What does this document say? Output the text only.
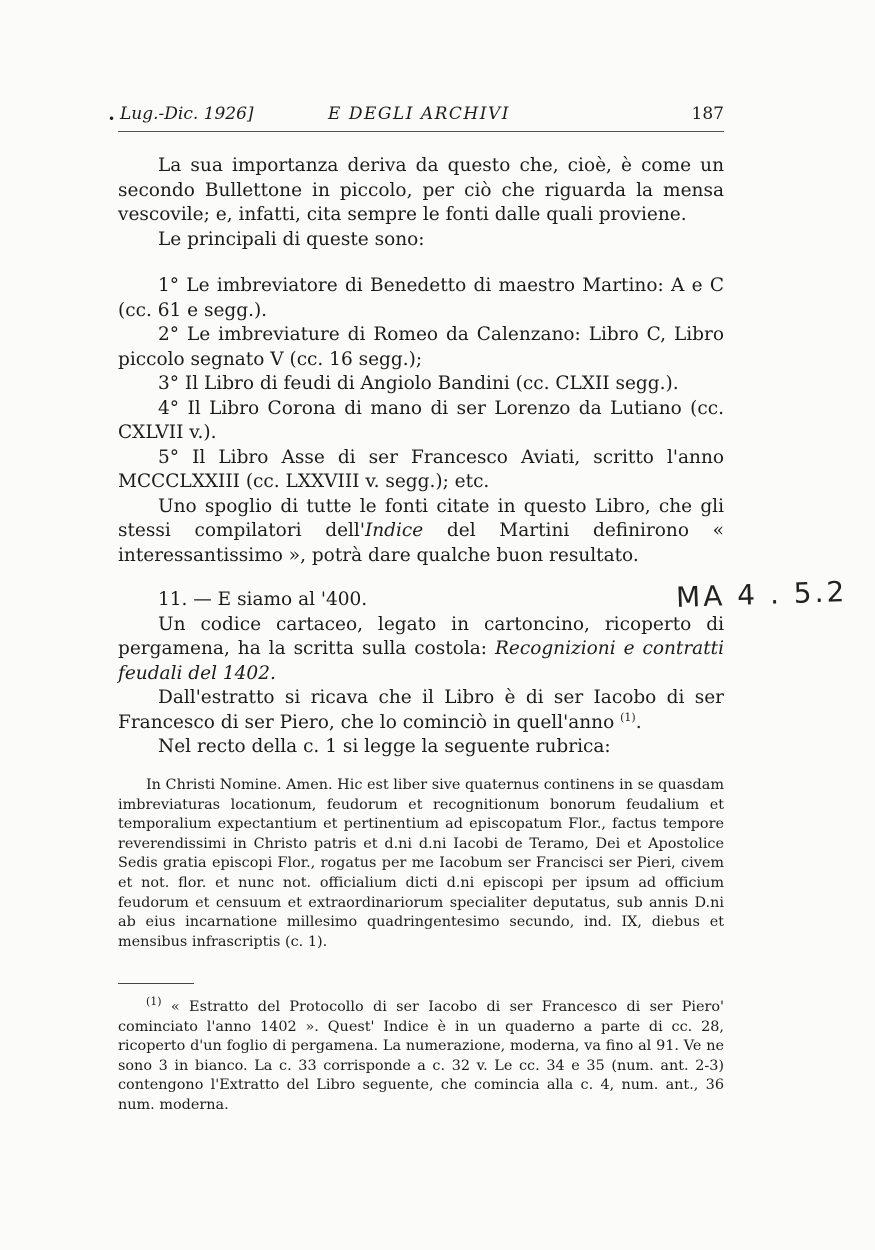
• Lug.-Dic. 1926]	E DEGLI ARCHIVI	187

La sua importanza deriva da questo che, cioè, è come un secondo Bullettone in piccolo, per ciò che riguarda la mensa vescovile; e, infatti, cita sempre le fonti dalle quali proviene.

Le principali di queste sono:

1° Le imbreviatore di Benedetto di maestro Martino: A e C (cc. 61 e segg.).

2° Le imbreviature di Romeo da Calenzano: Libro C, Libro piccolo segnato V (cc. 16 segg.);

3° Il Libro di feudi di Angiolo Bandini (cc. CLXII segg.).

4° Il Libro Corona di mano di ser Lorenzo da Lutiano (cc. CXLVII v.).

5° Il Libro Asse di ser Francesco Aviati, scritto l'anno MCCCLXXIII (cc. LXXVIII v. segg.); etc.

Uno spoglio di tutte le fonti citate in questo Libro, che gli stessi compilatori dell'Indice del Martini definirono « interessantissimo », potrà dare qualche buon resultato.

11. — E siamo al '400.

Un codice cartaceo, legato in cartoncino, ricoperto di pergamena, ha la scritta sulla costola: Recognizioni e contratti feudali del 1402.

Dall'estratto si ricava che il Libro è di ser Iacobo di ser Francesco di ser Piero, che lo cominciò in quell'anno $^{(1)}$.

Nel recto della c. 1 si legge la seguente rubrica:

MA 4 . 5.2

In Christi Nomine. Amen. Hic est liber sive quaternus continens in se quasdam imbreviaturas locationum, feudorum et recognitionum bonorum feudalium et temporalium expectantium et pertinentium ad episcopatum Flor., factus tempore reverendissimi in Christo patris et d.ni d.ni Iacobi de Teramo, Dei et Apostolice Sedis gratia episcopi Flor., rogatus per me Iacobum ser Francisci ser Pieri, civem et not. flor. et nunc not. officialium dicti d.ni episcopi per ipsum ad officium feudorum et censuum et extraordinariorum specialiter deputatus, sub annis D.ni ab eius incarnatione millesimo quadringentesimo secundo, ind. IX, diebus et mensibus infrascriptis (c. 1).

$^{(1)}$ « Estratto del Protocollo di ser Iacobo di ser Francesco di ser Piero' cominciato l'anno 1402 ». Quest' Indice è in un quaderno a parte di cc. 28, ricoperto d'un foglio di pergamena. La numerazione, moderna, va fino al 91. Ve ne sono 3 in bianco. La c. 33 corrisponde a c. 32 v. Le cc. 34 e 35 (num. ant. 2-3) contengono l'Extratto del Libro seguente, che comincia alla c. 4, num. ant., 36 num. moderna.
